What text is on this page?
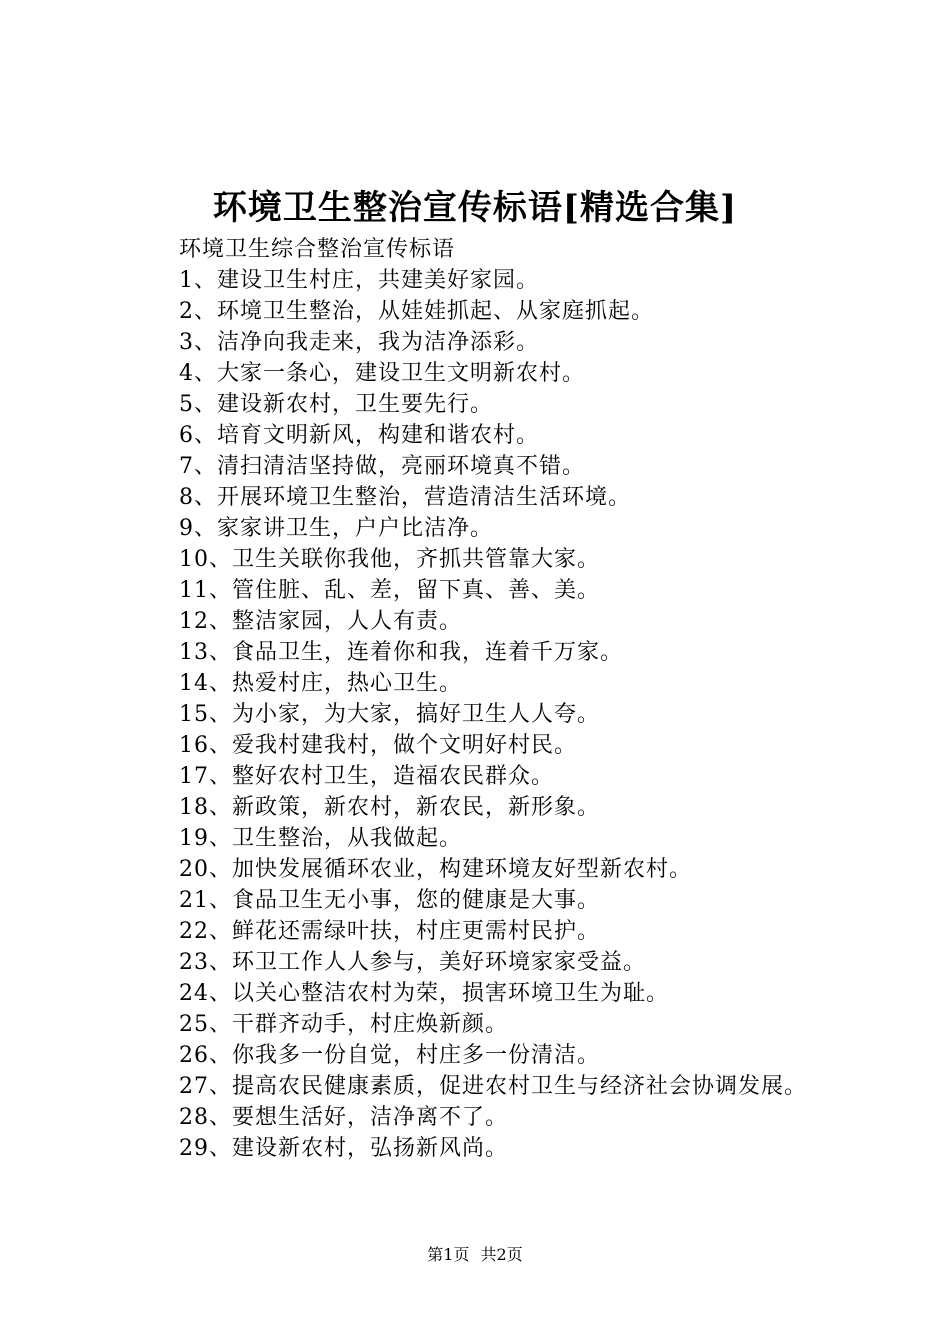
环境卫生整治宣传标语[精选合集]

环境卫生综合整治宣传标语

1、建设卫生村庄，共建美好家园。
2、环境卫生整治，从娃娃抓起、从家庭抓起。
3、洁净向我走来，我为洁净添彩。
4、大家一条心，建设卫生文明新农村。
5、建设新农村，卫生要先行。
6、培育文明新风，构建和谐农村。
7、清扫清洁坚持做，亮丽环境真不错。
8、开展环境卫生整治，营造清洁生活环境。
9、家家讲卫生，户户比洁净。
10、卫生关联你我他，齐抓共管靠大家。
11、管住脏、乱、差，留下真、善、美。
12、整洁家园，人人有责。
13、食品卫生，连着你和我，连着千万家。
14、热爱村庄，热心卫生。
15、为小家，为大家，搞好卫生人人夸。
16、爱我村建我村，做个文明好村民。
17、整好农村卫生，造福农民群众。
18、新政策，新农村，新农民，新形象。
19、卫生整治，从我做起。
20、加快发展循环农业，构建环境友好型新农村。
21、食品卫生无小事，您的健康是大事。
22、鲜花还需绿叶扶，村庄更需村民护。
23、环卫工作人人参与，美好环境家家受益。
24、以关心整洁农村为荣，损害环境卫生为耻。
25、干群齐动手，村庄焕新颜。
26、你我多一份自觉，村庄多一份清洁。
27、提高农民健康素质，促进农村卫生与经济社会协调发展。
28、要想生活好，洁净离不了。
29、建设新农村，弘扬新风尚。
第1页 共2页
